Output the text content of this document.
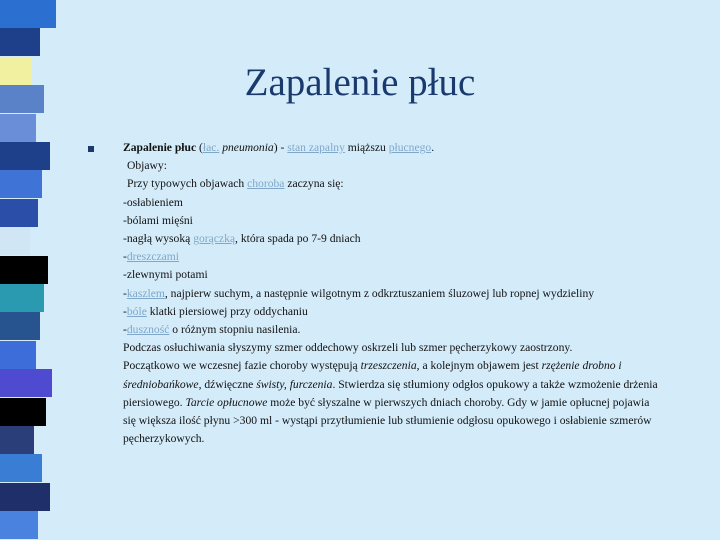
Zapalenie płuc
Zapalenie płuc (łac. pneumonia) - stan zapalny miąższu płucnego.
Objawy:
Przy typowych objawach choroba zaczyna się:
-osłabieniem
-bólami mięśni
-nagłą wysoką gorączką, która spada po 7-9 dniach
-dreszczami
-zlewnymi potami
-kaszlem, najpierw suchym, a następnie wilgotnym z odkrztuszaniem śluzowej lub ropnej wydzieliny
-bóle klatki piersiowej przy oddychaniu
-duszność o różnym stopniu nasilenia.
Podczas osłuchiwania słyszymy szmer oddechowy oskrzeli lub szmer pęcherzykowy zaostrzony.
Początkowo we wczesnej fazie choroby występują trzeszczenia, a kolejnym objawem jest rzężenie drobno i średniobańkowe, dźwięczne świsty, furczenia. Stwierdza się stłumiony odgłos opukowy a także wzmożenie drżenia piersiowego. Tarcie opłucnowe może być słyszalne w pierwszych dniach choroby. Gdy w jamie opłucnej pojawia się większa ilość płynu >300 ml - wystąpi przytłumienie lub stłumienie odgłosu opukowego i osłabienie szmerów pęcherzykowych.
